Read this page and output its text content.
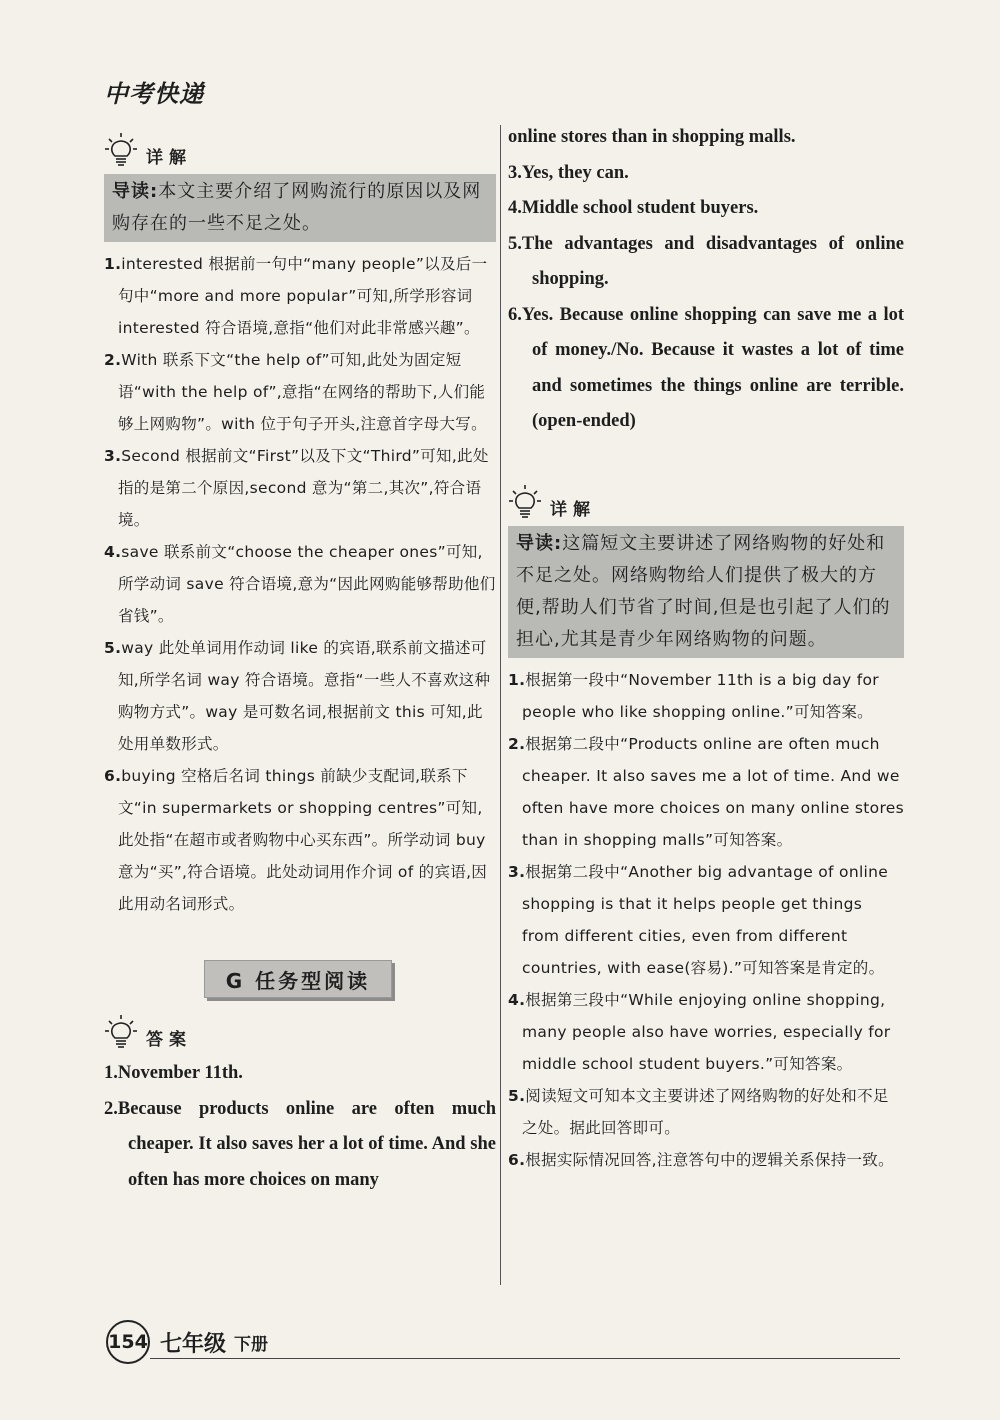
中考快递
详解
导读:本文主要介绍了网购流行的原因以及网购存在的一些不足之处。
1.interested 根据前一句中“many people”以及后一句中“more and more popular”可知,所学形容词 interested 符合语境,意指“他们对此非常感兴趣”。
2.With 联系下文“the help of”可知,此处为固定短语“with the help of”,意指“在网络的帮助下,人们能够上网购物”。with 位于句子开头,注意首字母大写。
3.Second 根据前文“First”以及下文“Third”可知,此处指的是第二个原因,second 意为“第二,其次”,符合语境。
4.save 联系前文“choose the cheaper ones”可知,所学动词 save 符合语境,意为“因此网购能够帮助他们省钱”。
5.way 此处单词用作动词 like 的宾语,联系前文描述可知,所学名词 way 符合语境。意指“一些人不喜欢这种购物方式”。way 是可数名词,根据前文 this 可知,此处用单数形式。
6.buying 空格后名词 things 前缺少支配词,联系下文“in supermarkets or shopping centres”可知,此处指“在超市或者购物中心买东西”。所学动词 buy 意为“买”,符合语境。此处动词用作介词 of 的宾语,因此用动名词形式。
G 任务型阅读
答案
1.November 11th.
2.Because products online are often much cheaper. It also saves her a lot of time. And she often has more choices on many
online stores than in shopping malls.
3.Yes, they can.
4.Middle school student buyers.
5.The advantages and disadvantages of online shopping.
6.Yes. Because online shopping can save me a lot of money./No. Because it wastes a lot of time and sometimes the things online are terrible. (open-ended)
详解
导读:这篇短文主要讲述了网络购物的好处和不足之处。网络购物给人们提供了极大的方便,帮助人们节省了时间,但是也引起了人们的担心,尤其是青少年网络购物的问题。
1.根据第一段中“November 11th is a big day for people who like shopping online.”可知答案。
2.根据第二段中“Products online are often much cheaper. It also saves me a lot of time. And we often have more choices on many online stores than in shopping malls”可知答案。
3.根据第二段中“Another big advantage of online shopping is that it helps people get things from different cities, even from different countries, with ease(容易).”可知答案是肯定的。
4.根据第三段中“While enjoying online shopping, many people also have worries, especially for middle school student buyers.”可知答案。
5.阅读短文可知本文主要讲述了网络购物的好处和不足之处。据此回答即可。
6.根据实际情况回答,注意答句中的逻辑关系保持一致。
154 七年级 下册
